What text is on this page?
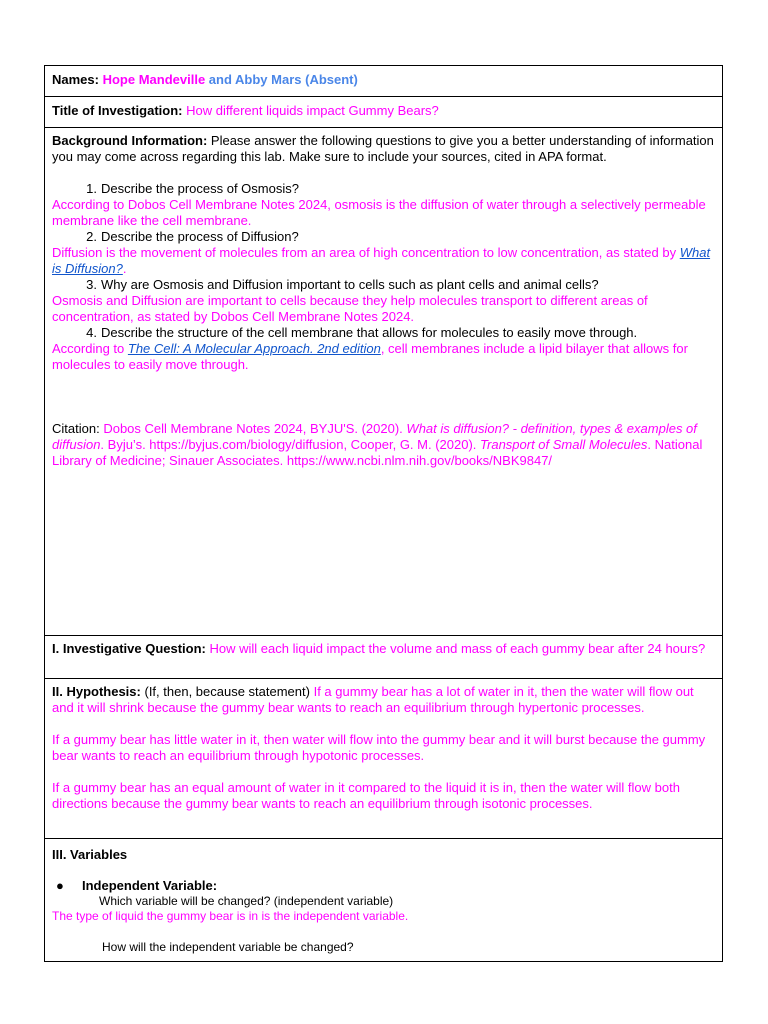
Names: Hope Mandeville and Abby Mars (Absent)
Title of Investigation: How different liquids impact Gummy Bears?

Background Information: Please answer the following questions to give you a better understanding of information you may come across regarding this lab. Make sure to include your sources, cited in APA format.

1. Describe the process of Osmosis?

According to Dobos Cell Membrane Notes 2024, osmosis is the diffusion of water through a selectively permeable membrane like the cell membrane.

2. Describe the process of Diffusion?

Diffusion is the movement of molecules from an area of high concentration to low concentration, as stated by What is Diffusion?.

3. Why are Osmosis and Diffusion important to cells such as plant cells and animal cells?

Osmosis and Diffusion are important to cells because they help molecules transport to different areas of concentration, as stated by Dobos Cell Membrane Notes 2024.

4. Describe the structure of the cell membrane that allows for molecules to easily move through.

According to The Cell: A Molecular Approach. 2nd edition, cell membranes include a lipid bilayer that allows for molecules to easily move through.

Citation: Dobos Cell Membrane Notes 2024, BYJU'S. (2020). What is diffusion? - definition, types & examples of diffusion. Byju’s. https://byjus.com/biology/diffusion, Cooper, G. M. (2020). Transport of Small Molecules. National Library of Medicine; Sinauer Associates. https://www.ncbi.nlm.nih.gov/books/NBK9847/

I. Investigative Question: How will each liquid impact the volume and mass of each gummy bear after 24 hours?

II. Hypothesis: (If, then, because statement) If a gummy bear has a lot of water in it, then the water will flow out and it will shrink because the gummy bear wants to reach an equilibrium through hypertonic processes.

If a gummy bear has little water in it, then water will flow into the gummy bear and it will burst because the gummy bear wants to reach an equilibrium through hypotonic processes.

If a gummy bear has an equal amount of water in it compared to the liquid it is in, then the water will flow both directions because the gummy bear wants to reach an equilibrium through isotonic processes.

III. Variables

● Independent Variable:

Which variable will be changed? (independent variable)

The type of liquid the gummy bear is in is the independent variable.

How will the independent variable be changed?
